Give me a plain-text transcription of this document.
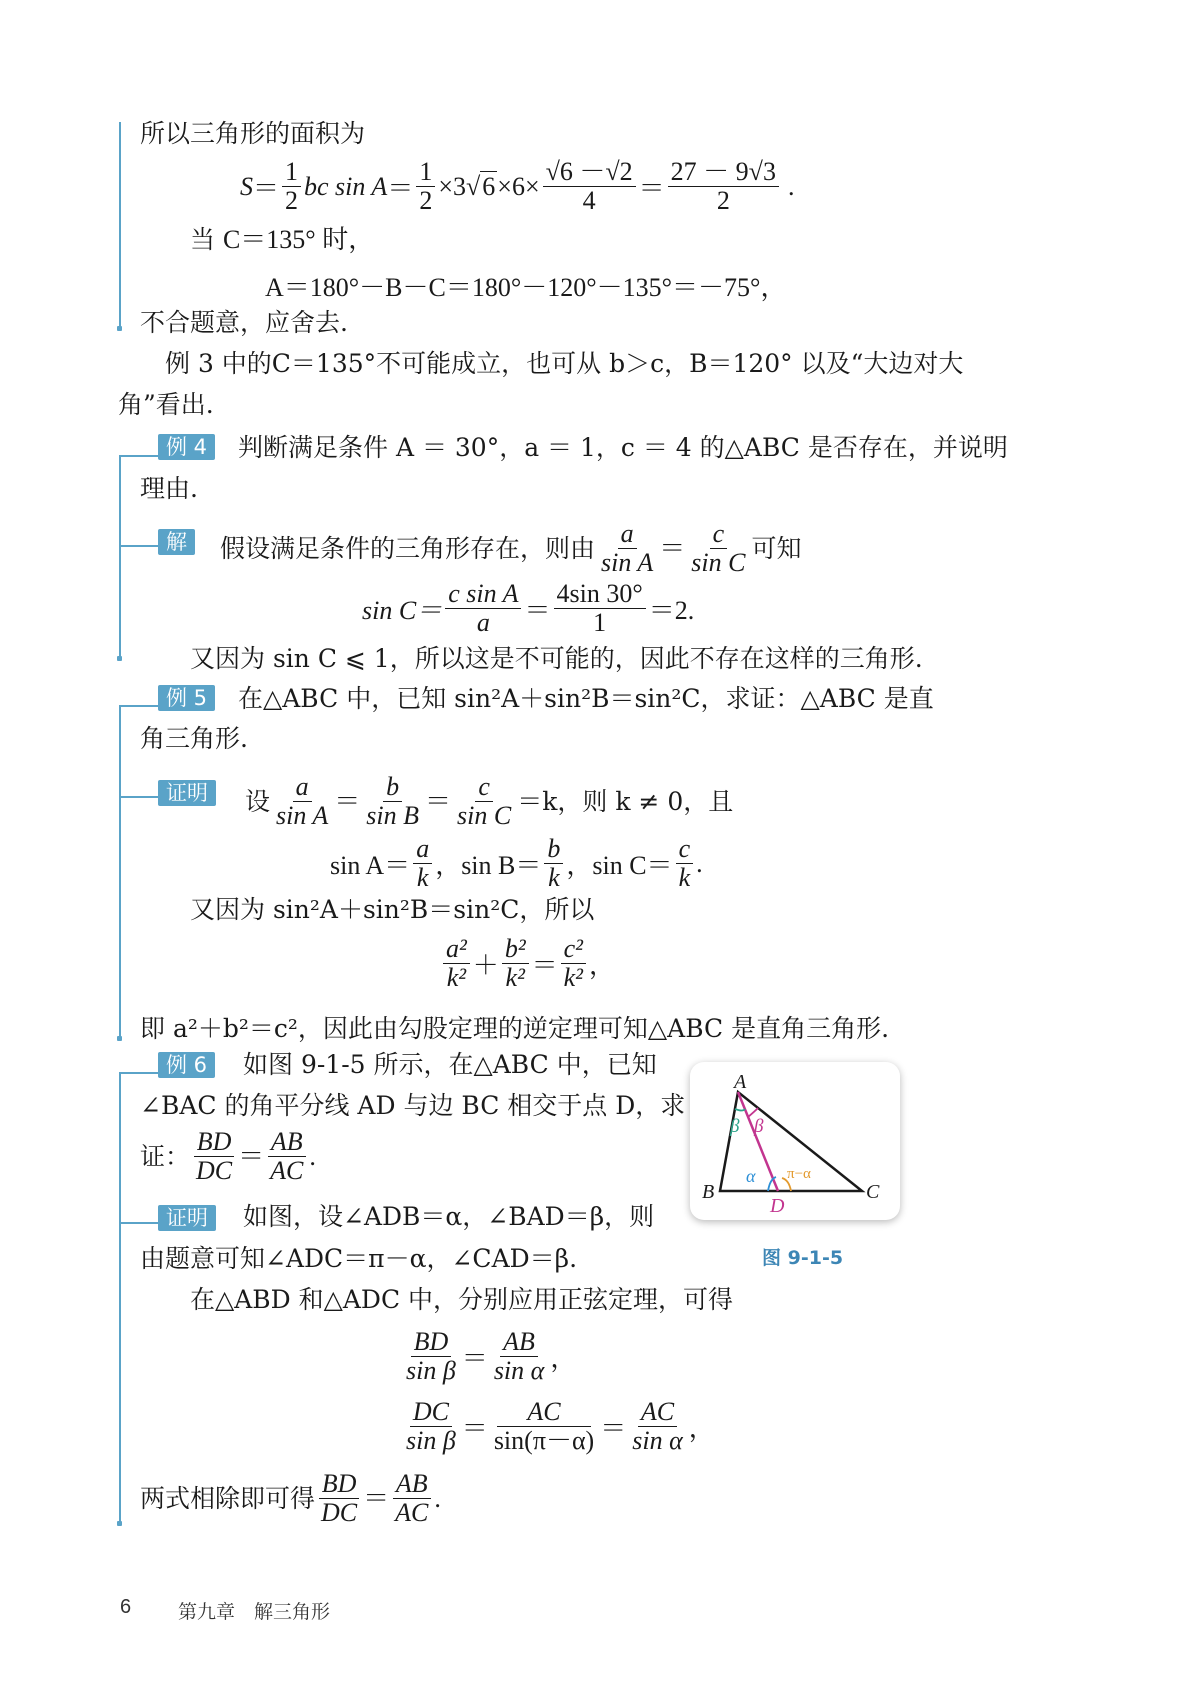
所以三角形的面积为
$S = \frac{1}{2}$ bc $\sin A = \frac{1}{2} \times 3$ √ $6 \times 6\times \frac{√6 -√2}{4} = \frac{27 - 9√3}{2}$ .
当 C＝135° 时，
A＝180°－B－C＝180°－120°－135°＝－75°，
不合题意，应舍去.
例 3 中的C＝135°不可能成立，也可从 b＞c，B＝120° 以及“大边对大
角”看出.
例 4	判断满足条件 A ＝ 30°，a ＝ 1，c ＝ 4 的△ABC 是否存在，并说明
理由.
解	假设满足条件的三角形存在，则由 $\frac{a}{\text{sin A}} = \frac{c}{\text{sin C}}$ 可知
$\sin C= \frac{\text{c sin A}}{a} = \frac{4\sin 30^\circ}{1} =2$.
又因为 sin C ⩽ 1，所以这是不可能的，因此不存在这样的三角形.
例 5	在△ABC 中，已知 sin²A＋sin²B＝sin²C，求证：△ABC 是直
角三角形.
证明	设 $\frac{a}{\text{sin A}} = \frac{b}{\text{sin B}} = \frac{c}{\text{sin C}} =k$，则 k ≠ 0，且
$\sin A= \frac{a}{k}$ ，$\sin B= \frac{b}{k}$ ，$\sin C= \frac{c}{k}$ .
又因为 sin²A＋sin²B＝sin²C，所以
$\frac{\text{a²}}{\text{k²}} + \frac{\text{b²}}{\text{k²}} = \frac{\text{c²}}{\text{k²}}$ ，
即 a²＋b²＝c²，因此由勾股定理的逆定理可知△ABC 是直角三角形.
例 6	如图 9-1-5 所示，在△ABC 中，已知
∠BAC 的角平分线 AD 与边 BC 相交于点 D，求
证： $\frac{BD}{DC} = \frac{AB}{AC}$ .
证明	如图，设∠ADB＝α，∠BAD＝β，则
由题意可知∠ADC＝π－α，∠CAD＝β.
在△ABD 和△ADC 中，分别应用正弦定理，可得
$\frac{BD}{\text{sin β}} = \frac{AB}{\text{sin α}}$ ，
$\frac{DC}{\text{sin β}} = \frac{AC}{\sin(\pi-\alpha)} = \frac{AC}{\text{sin α}}$ ，
两式相除即可得 $\frac{BD}{DC} = \frac{AB}{AC}$ .
A
B	C
D
β β
α π−α
图 9-1-5
6 第九章　解三角形
